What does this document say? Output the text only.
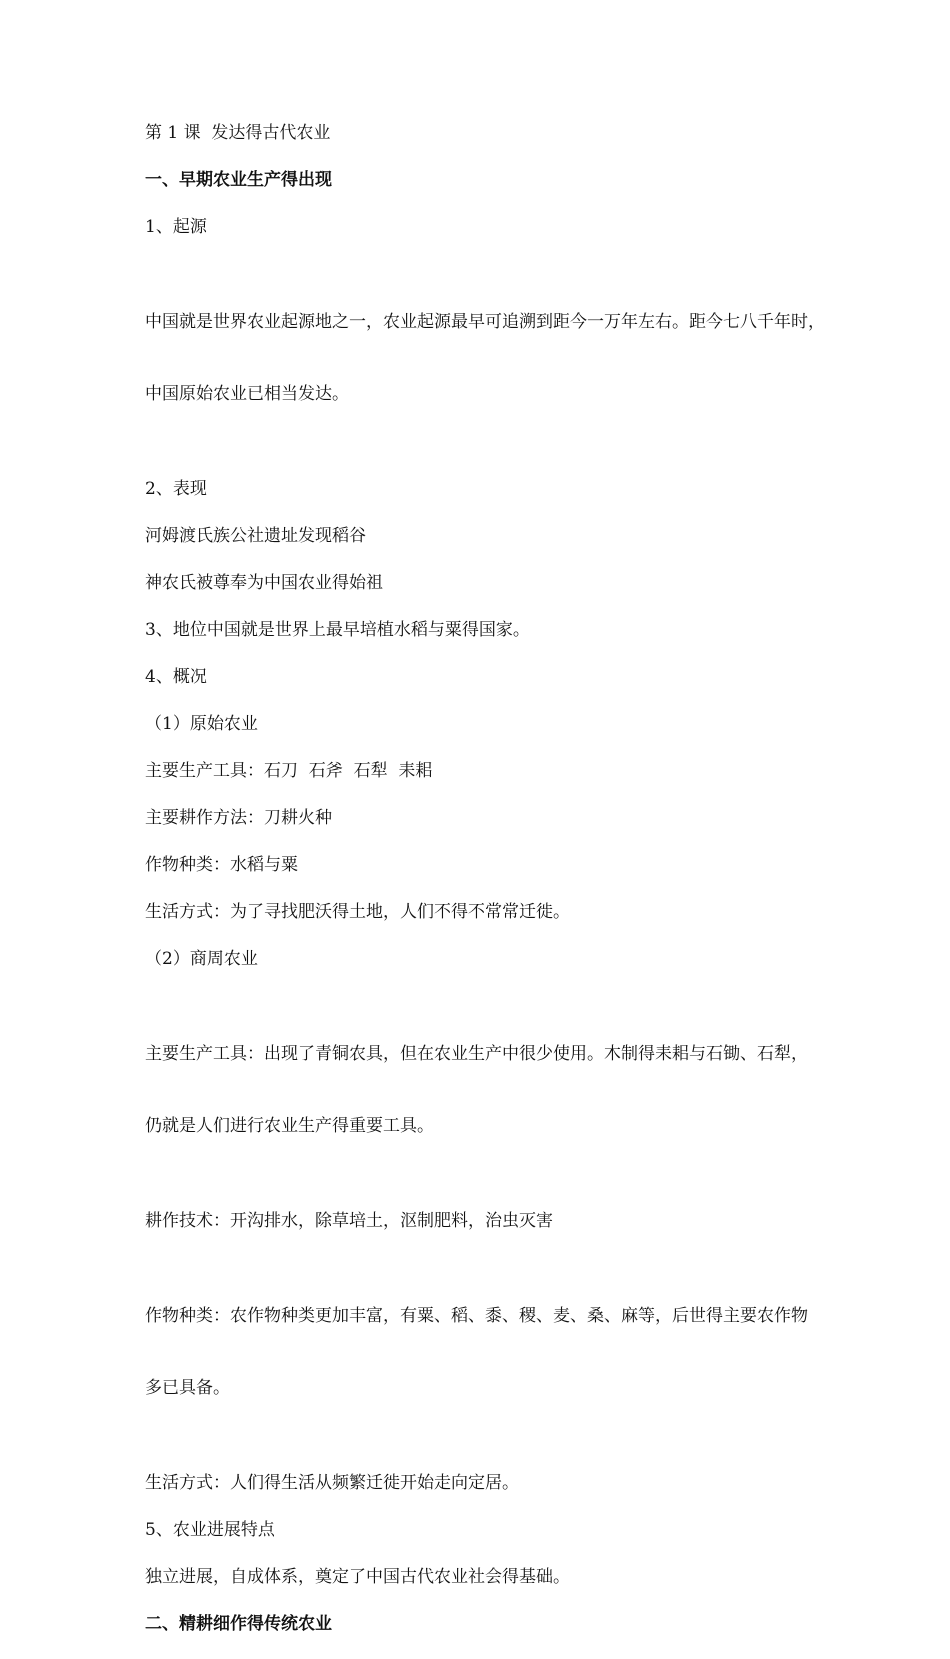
第 1 课  发达得古代农业

一、早期农业生产得出现

1、起源

中国就是世界农业起源地之一，农业起源最早可追溯到距今一万年左右。距今七八千年时，

中国原始农业已相当发达。

2、表现

河姆渡氏族公社遗址发现稻谷

神农氏被尊奉为中国农业得始祖

3、地位中国就是世界上最早培植水稻与粟得国家。

4、概况

（1）原始农业

主要生产工具：石刀  石斧  石犁  耒耜

主要耕作方法：刀耕火种

作物种类：水稻与粟

生活方式：为了寻找肥沃得土地，人们不得不常常迁徙。

（2）商周农业

主要生产工具：出现了青铜农具，但在农业生产中很少使用。木制得耒耜与石锄、石犁，

仍就是人们进行农业生产得重要工具。

耕作技术：开沟排水，除草培土，沤制肥料，治虫灭害

作物种类：农作物种类更加丰富，有粟、稻、黍、稷、麦、桑、麻等，后世得主要农作物

多已具备。

生活方式：人们得生活从频繁迁徙开始走向定居。

5、农业进展特点

独立进展，自成体系，奠定了中国古代农业社会得基础。

二、精耕细作得传统农业
